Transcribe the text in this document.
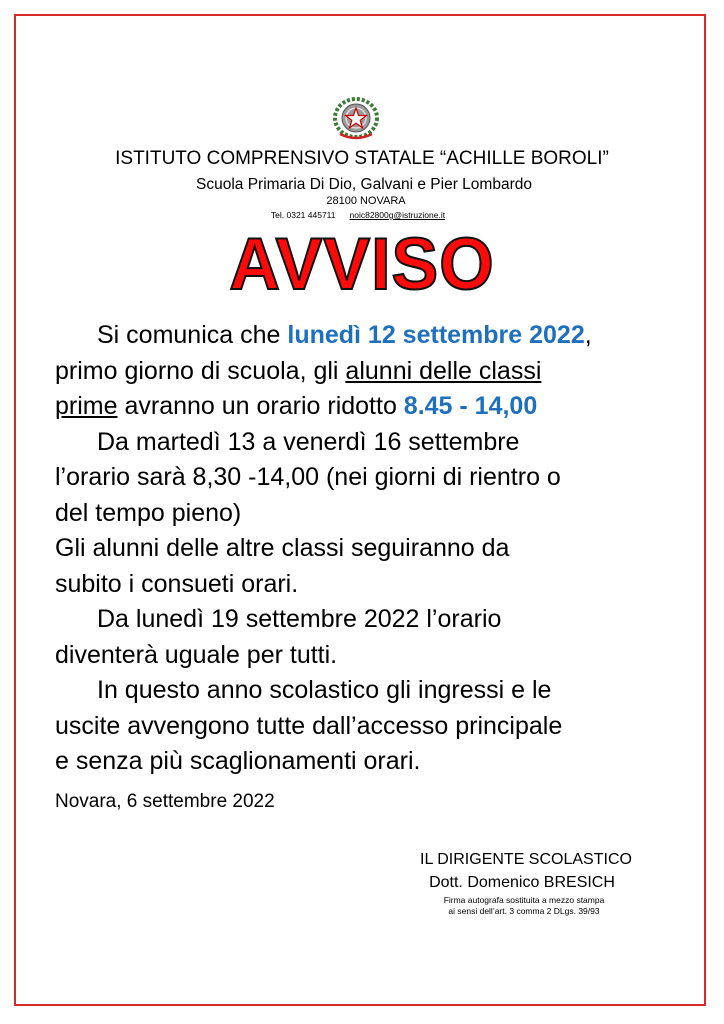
ISTITUTO COMPRENSIVO STATALE “ACHILLE BOROLI”
Scuola Primaria Di Dio, Galvani e Pier Lombardo
28100 NOVARA
Tel. 0321 445711 noic82800g@istruzione.it
AVVISO
Si comunica che lunedì 12 settembre 2022,
primo giorno di scuola, gli alunni delle classi
prime avranno un orario ridotto 8.45 - 14,00
Da martedì 13 a venerdì 16 settembre
l’orario sarà 8,30 -14,00 (nei giorni di rientro o
del tempo pieno)
Gli alunni delle altre classi seguiranno da
subito i consueti orari.
Da lunedì 19 settembre 2022 l’orario
diventerà uguale per tutti.
In questo anno scolastico gli ingressi e le
uscite avvengono tutte dall’accesso principale
e senza più scaglionamenti orari.
Novara, 6 settembre 2022
IL DIRIGENTE SCOLASTICO
Dott. Domenico BRESICH
Firma autografa sostituita a mezzo stampa
ai sensi dell’art. 3 comma 2 DLgs. 39/93
